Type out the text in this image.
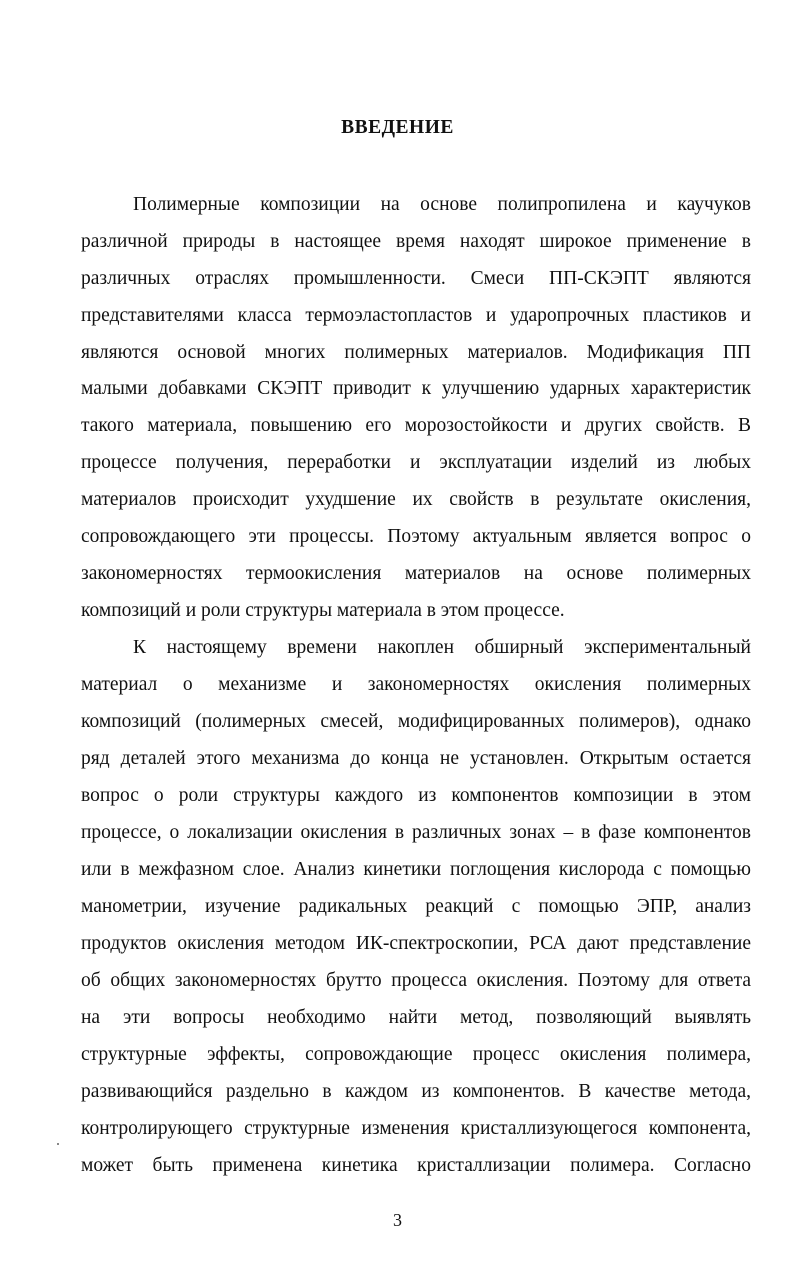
ВВЕДЕНИЕ
Полимерные композиции на основе полипропилена и каучуков
различной природы в настоящее время находят широкое применение в
различных отраслях промышленности. Смеси ПП-СКЭПТ являются
представителями класса термоэластопластов и ударопрочных пластиков и
являются основой многих полимерных материалов. Модификация ПП
малыми добавками СКЭПТ приводит к улучшению ударных характеристик
такого материала, повышению его морозостойкости и других свойств. В
процессе получения, переработки и эксплуатации изделий из любых
материалов происходит ухудшение их свойств в результате окисления,
сопровождающего эти процессы. Поэтому актуальным является вопрос о
закономерностях термоокисления материалов на основе полимерных
композиций и роли структуры материала в этом процессе.
К настоящему времени накоплен обширный экспериментальный
материал о механизме и закономерностях окисления полимерных
композиций (полимерных смесей, модифицированных полимеров), однако
ряд деталей этого механизма до конца не установлен. Открытым остается
вопрос о роли структуры каждого из компонентов композиции в этом
процессе, о локализации окисления в различных зонах – в фазе компонентов
или в межфазном слое. Анализ кинетики поглощения кислорода с помощью
манометрии, изучение радикальных реакций с помощью ЭПР, анализ
продуктов окисления методом ИК-спектроскопии, РСА дают представление
об общих закономерностях брутто процесса окисления. Поэтому для ответа
на эти вопросы необходимо найти метод, позволяющий выявлять
структурные эффекты, сопровождающие процесс окисления полимера,
развивающийся раздельно в каждом из компонентов. В качестве метода,
контролирующего структурные изменения кристаллизующегося компонента,
может быть применена кинетика кристаллизации полимера. Согласно
3
